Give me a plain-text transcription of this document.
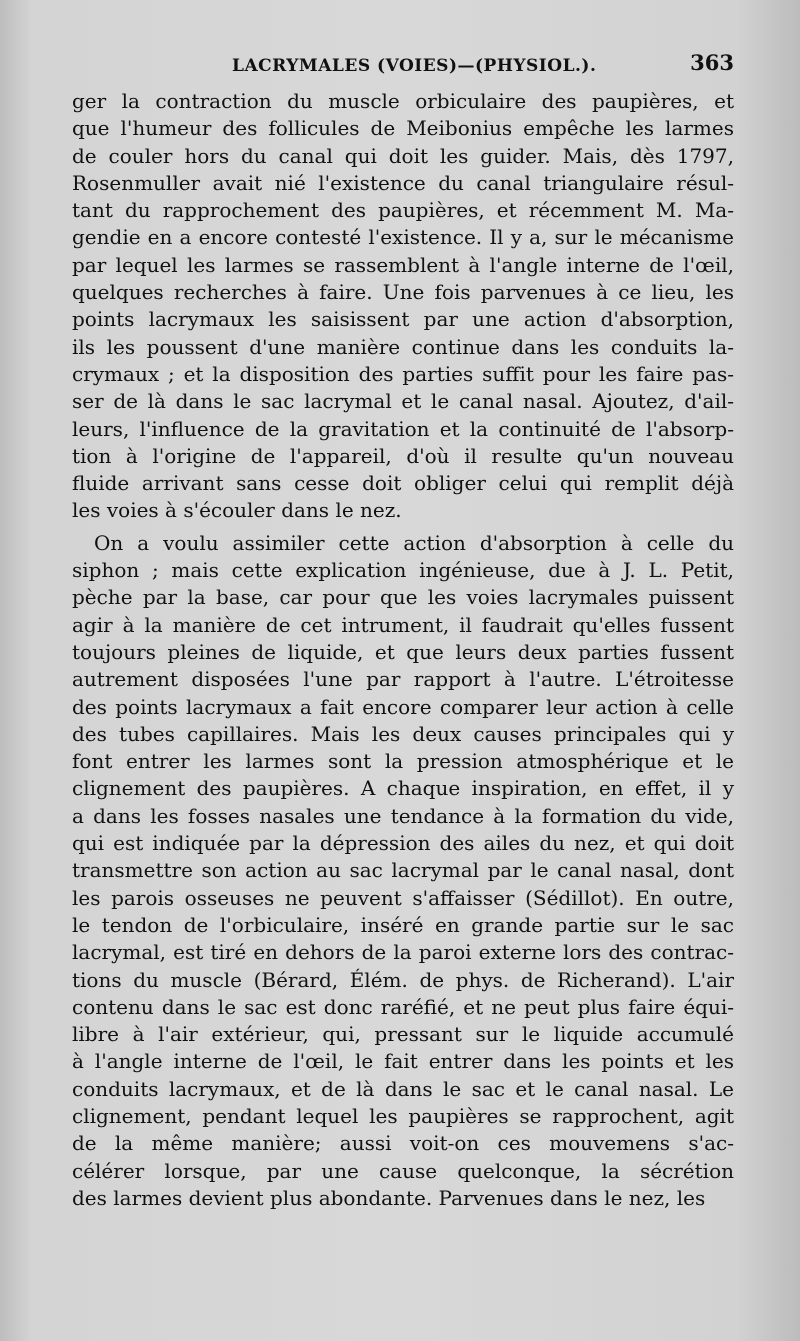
LACRYMALES (VOIES)—(PHYSIOL.).	363
ger la contraction du muscle orbiculaire des paupières, et
que l'humeur des follicules de Meibonius empêche les larmes
de couler hors du canal qui doit les guider. Mais, dès 1797,
Rosenmuller avait nié l'existence du canal triangulaire résul-
tant du rapprochement des paupières, et récemment M. Ma-
gendie en a encore contesté l'existence. Il y a, sur le mécanisme
par lequel les larmes se rassemblent à l'angle interne de l'œil,
quelques recherches à faire. Une fois parvenues à ce lieu, les
points lacrymaux les saisissent par une action d'absorption,
ils les poussent d'une manière continue dans les conduits la-
crymaux ; et la disposition des parties suffit pour les faire pas-
ser de là dans le sac lacrymal et le canal nasal. Ajoutez, d'ail-
leurs, l'influence de la gravitation et la continuité de l'absorp-
tion à l'origine de l'appareil, d'où il resulte qu'un nouveau
fluide arrivant sans cesse doit obliger celui qui remplit déjà
les voies à s'écouler dans le nez.
On a voulu assimiler cette action d'absorption à celle du
siphon ; mais cette explication ingénieuse, due à J. L. Petit,
pèche par la base, car pour que les voies lacrymales puissent
agir à la manière de cet intrument, il faudrait qu'elles fussent
toujours pleines de liquide, et que leurs deux parties fussent
autrement disposées l'une par rapport à l'autre. L'étroitesse
des points lacrymaux a fait encore comparer leur action à celle
des tubes capillaires. Mais les deux causes principales qui y
font entrer les larmes sont la pression atmosphérique et le
clignement des paupières. A chaque inspiration, en effet, il y
a dans les fosses nasales une tendance à la formation du vide,
qui est indiquée par la dépression des ailes du nez, et qui doit
transmettre son action au sac lacrymal par le canal nasal, dont
les parois osseuses ne peuvent s'affaisser (Sédillot). En outre,
le tendon de l'orbiculaire, inséré en grande partie sur le sac
lacrymal, est tiré en dehors de la paroi externe lors des contrac-
tions du muscle (Bérard, Élém. de phys. de Richerand). L'air
contenu dans le sac est donc raréfié, et ne peut plus faire équi-
libre à l'air extérieur, qui, pressant sur le liquide accumulé
à l'angle interne de l'œil, le fait entrer dans les points et les
conduits lacrymaux, et de là dans le sac et le canal nasal. Le
clignement, pendant lequel les paupières se rapprochent, agit
de la même manière; aussi voit-on ces mouvemens s'ac-
célérer lorsque, par une cause quelconque, la sécrétion
des larmes devient plus abondante. Parvenues dans le nez, les
